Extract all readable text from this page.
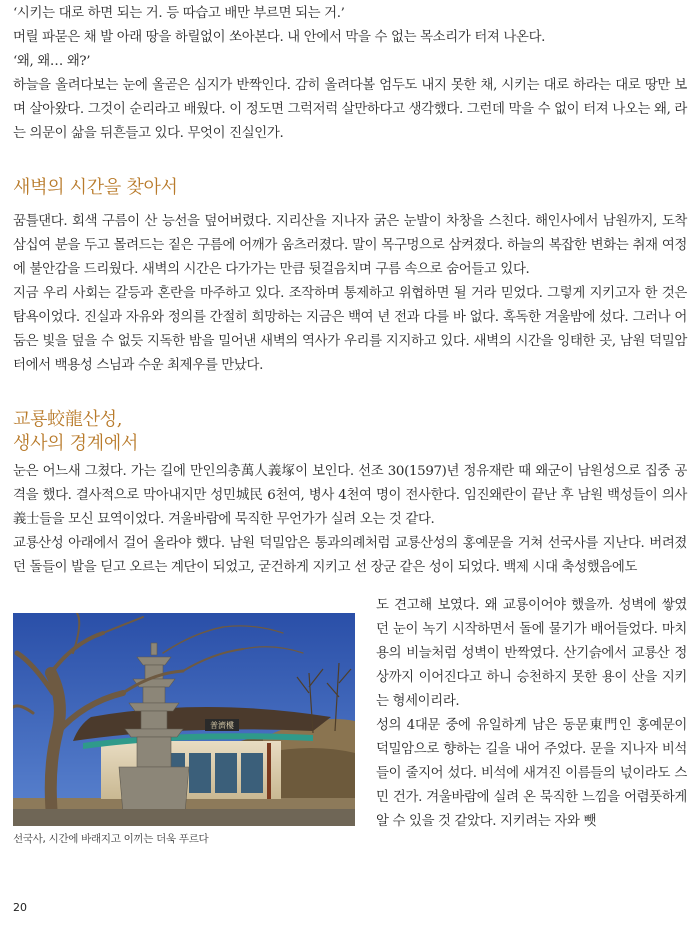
‘시키는 대로 하면 되는 거. 등 따습고 배만 부르면 되는 거.’

머릴 파묻은 채 발 아래 땅을 하릴없이 쏘아본다. 내 안에서 막을 수 없는 목소리가 터져 나온다.

‘왜, 왜… 왜?’

하늘을 올려다보는 눈에 올곧은 심지가 반짝인다. 감히 올려다볼 엄두도 내지 못한 채, 시키는 대로 하라는 대로 땅만 보며 살아왔다. 그것이 순리라고 배웠다. 이 정도면 그럭저럭 살만하다고 생각했다. 그런데 막을 수 없이 터져 나오는 왜, 라는 의문이 삶을 뒤흔들고 있다. 무엇이 진실인가.

새벽의 시간을 찾아서

꿈틀댄다. 회색 구름이 산 능선을 덮어버렸다. 지리산을 지나자 굵은 눈발이 차창을 스친다. 해인사에서 남원까지, 도착 삼십여 분을 두고 몰려드는 짙은 구름에 어깨가 움츠러졌다. 말이 목구멍으로 삼켜졌다. 하늘의 복잡한 변화는 취재 여정에 불안감을 드리웠다. 새벽의 시간은 다가가는 만큼 뒷걸음치며 구름 속으로 숨어들고 있다.

지금 우리 사회는 갈등과 혼란을 마주하고 있다. 조작하며 통제하고 위협하면 될 거라 믿었다. 그렇게 지키고자 한 것은 탐욕이었다. 진실과 자유와 정의를 간절히 희망하는 지금은 백여 년 전과 다를 바 없다. 혹독한 겨울밤에 섰다. 그러나 어둠은 빛을 덮을 수 없듯 지독한 밤을 밀어낸 새벽의 역사가 우리를 지지하고 있다. 새벽의 시간을 잉태한 곳, 남원 덕밀암 터에서 백용성 스님과 수운 최제우를 만났다.

교룡蛟龍산성,
생사의 경계에서

눈은 어느새 그쳤다. 가는 길에 만인의총萬人義塚이 보인다. 선조 30(1597)년 정유재란 때 왜군이 남원성으로 집중 공격을 했다. 결사적으로 막아내지만 성민城民 6천여, 병사 4천여 명이 전사한다. 임진왜란이 끝난 후 남원 백성들이 의사義士들을 모신 묘역이었다. 겨울바람에 묵직한 무언가가 실려 오는 것 같다.

교룡산성 아래에서 걸어 올라야 했다. 남원 덕밀암은 통과의례처럼 교룡산성의 홍예문을 거쳐 선국사를 지난다. 버려졌던 돌들이 발을 딛고 오르는 계단이 되었고, 굳건하게 지키고 선 장군 같은 성이 되었다. 백제 시대 축성했음에도

도 견고해 보였다. 왜 교룡이어야 했을까. 성벽에 쌓였던 눈이 녹기 시작하면서 돌에 물기가 배어들었다. 마치 용의 비늘처럼 성벽이 반짝였다. 산기슭에서 교룡산 정상까지 이어진다고 하니 승천하지 못한 용이 산을 지키는 형세이리라.

성의 4대문 중에 유일하게 남은 동문東門인 홍예문이 덕밀암으로 향하는 길을 내어 주었다. 문을 지나자 비석들이 줄지어 섰다. 비석에 새겨진 이름들의 넋이라도 스민 건가. 겨울바람에 실려 온 묵직한 느낌을 어렴풋하게 알 수 있을 것 같았다. 지키려는 자와 뺏

普濟樓
선국사, 시간에 바래지고 이끼는 더욱 푸르다
20
